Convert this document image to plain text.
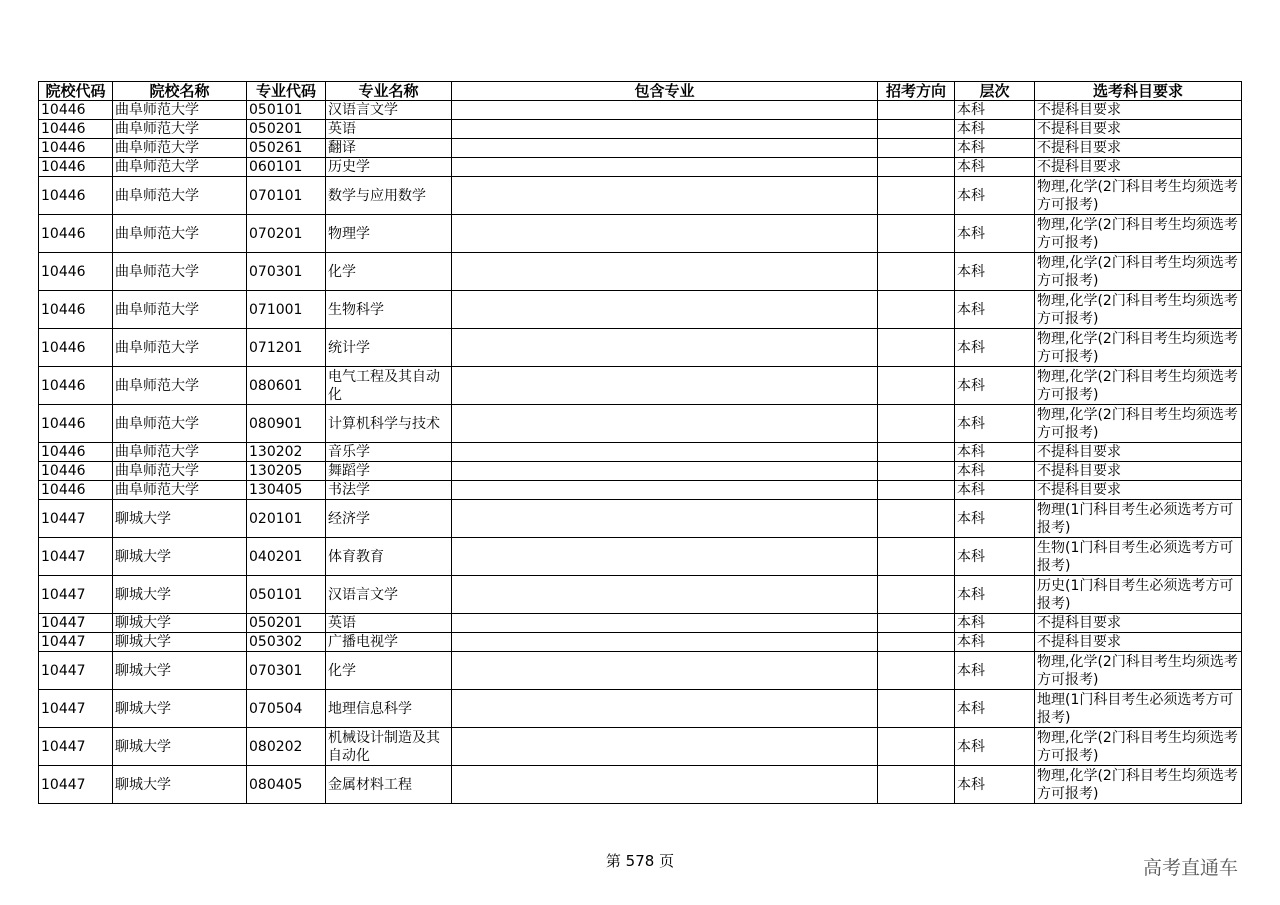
院校代码	院校名称	专业代码	专业名称	包含专业	招考方向	层次	选考科目要求
10446	曲阜师范大学	050101	汉语言文学			本科	不提科目要求
10446	曲阜师范大学	050201	英语			本科	不提科目要求
10446	曲阜师范大学	050261	翻译			本科	不提科目要求
10446	曲阜师范大学	060101	历史学			本科	不提科目要求
10446	曲阜师范大学	070101	数学与应用数学			本科	物理,化学(2门科目考生均须选考方可报考)
10446	曲阜师范大学	070201	物理学			本科	物理,化学(2门科目考生均须选考方可报考)
10446	曲阜师范大学	070301	化学			本科	物理,化学(2门科目考生均须选考方可报考)
10446	曲阜师范大学	071001	生物科学			本科	物理,化学(2门科目考生均须选考方可报考)
10446	曲阜师范大学	071201	统计学			本科	物理,化学(2门科目考生均须选考方可报考)
10446	曲阜师范大学	080601	电气工程及其自动化			本科	物理,化学(2门科目考生均须选考方可报考)
10446	曲阜师范大学	080901	计算机科学与技术			本科	物理,化学(2门科目考生均须选考方可报考)
10446	曲阜师范大学	130202	音乐学			本科	不提科目要求
10446	曲阜师范大学	130205	舞蹈学			本科	不提科目要求
10446	曲阜师范大学	130405	书法学			本科	不提科目要求
10447	聊城大学	020101	经济学			本科	物理(1门科目考生必须选考方可报考)
10447	聊城大学	040201	体育教育			本科	生物(1门科目考生必须选考方可报考)
10447	聊城大学	050101	汉语言文学			本科	历史(1门科目考生必须选考方可报考)
10447	聊城大学	050201	英语			本科	不提科目要求
10447	聊城大学	050302	广播电视学			本科	不提科目要求
10447	聊城大学	070301	化学			本科	物理,化学(2门科目考生均须选考方可报考)
10447	聊城大学	070504	地理信息科学			本科	地理(1门科目考生必须选考方可报考)
10447	聊城大学	080202	机械设计制造及其自动化			本科	物理,化学(2门科目考生均须选考方可报考)
10447	聊城大学	080405	金属材料工程			本科	物理,化学(2门科目考生均须选考方可报考)
第 578 页	高考直通车
